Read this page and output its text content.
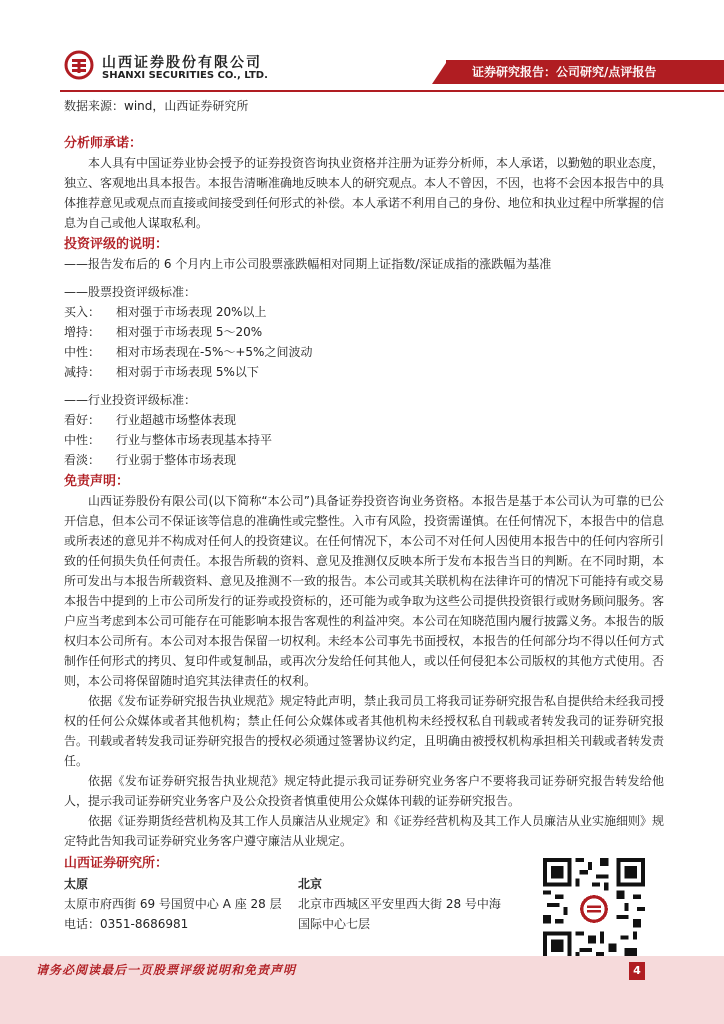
山西证券股份有限公司
SHANXI SECURITIES CO., LTD.	证券研究报告：公司研究/点评报告
数据来源：wind，山西证券研究所
分析师承诺：
本人具有中国证券业协会授予的证券投资咨询执业资格并注册为证券分析师，本人承诺，以勤勉的职业态度，独立、客观地出具本报告。本报告清晰准确地反映本人的研究观点。本人不曾因，不因，也将不会因本报告中的具体推荐意见或观点而直接或间接受到任何形式的补偿。本人承诺不利用自己的身份、地位和执业过程中所掌握的信息为自己或他人谋取私利。
投资评级的说明：
——报告发布后的 6 个月内上市公司股票涨跌幅相对同期上证指数/深证成指的涨跌幅为基准
——股票投资评级标准：
买入：	相对强于市场表现 20%以上
增持：	相对强于市场表现 5～20%
中性：	相对市场表现在-5%～+5%之间波动
减持：	相对弱于市场表现 5%以下
——行业投资评级标准：
看好：	行业超越市场整体表现
中性：	行业与整体市场表现基本持平
看淡：	行业弱于整体市场表现
免责声明：
山西证券股份有限公司(以下简称“本公司”)具备证券投资咨询业务资格。本报告是基于本公司认为可靠的已公开信息，但本公司不保证该等信息的准确性或完整性。入市有风险，投资需谨慎。在任何情况下，本报告中的信息或所表述的意见并不构成对任何人的投资建议。在任何情况下，本公司不对任何人因使用本报告中的任何内容所引致的任何损失负任何责任。本报告所载的资料、意见及推测仅反映本所于发布本报告当日的判断。在不同时期，本所可发出与本报告所载资料、意见及推测不一致的报告。本公司或其关联机构在法律许可的情况下可能持有或交易本报告中提到的上市公司所发行的证券或投资标的，还可能为或争取为这些公司提供投资银行或财务顾问服务。客户应当考虑到本公司可能存在可能影响本报告客观性的利益冲突。本公司在知晓范围内履行披露义务。本报告的版权归本公司所有。本公司对本报告保留一切权利。未经本公司事先书面授权，本报告的任何部分均不得以任何方式制作任何形式的拷贝、复印件或复制品，或再次分发给任何其他人，或以任何侵犯本公司版权的其他方式使用。否则，本公司将保留随时追究其法律责任的权利。
依据《发布证券研究报告执业规范》规定特此声明，禁止我司员工将我司证券研究报告私自提供给未经我司授权的任何公众媒体或者其他机构；禁止任何公众媒体或者其他机构未经授权私自刊载或者转发我司的证券研究报告。刊载或者转发我司证券研究报告的授权必须通过签署协议约定，且明确由被授权机构承担相关刊载或者转发责任。
依据《发布证券研究报告执业规范》规定特此提示我司证券研究业务客户不要将我司证券研究报告转发给他人，提示我司证券研究业务客户及公众投资者慎重使用公众媒体刊载的证券研究报告。
依据《证券期货经营机构及其工作人员廉洁从业规定》和《证券经营机构及其工作人员廉洁从业实施细则》规定特此告知我司证券研究业务客户遵守廉洁从业规定。
山西证券研究所：
太原
太原市府西街 69 号国贸中心 A 座 28 层
电话：0351-8686981
北京
北京市西城区平安里西大街 28 号中海
国际中心七层
请务必阅读最后一页股票评级说明和免责声明	4
